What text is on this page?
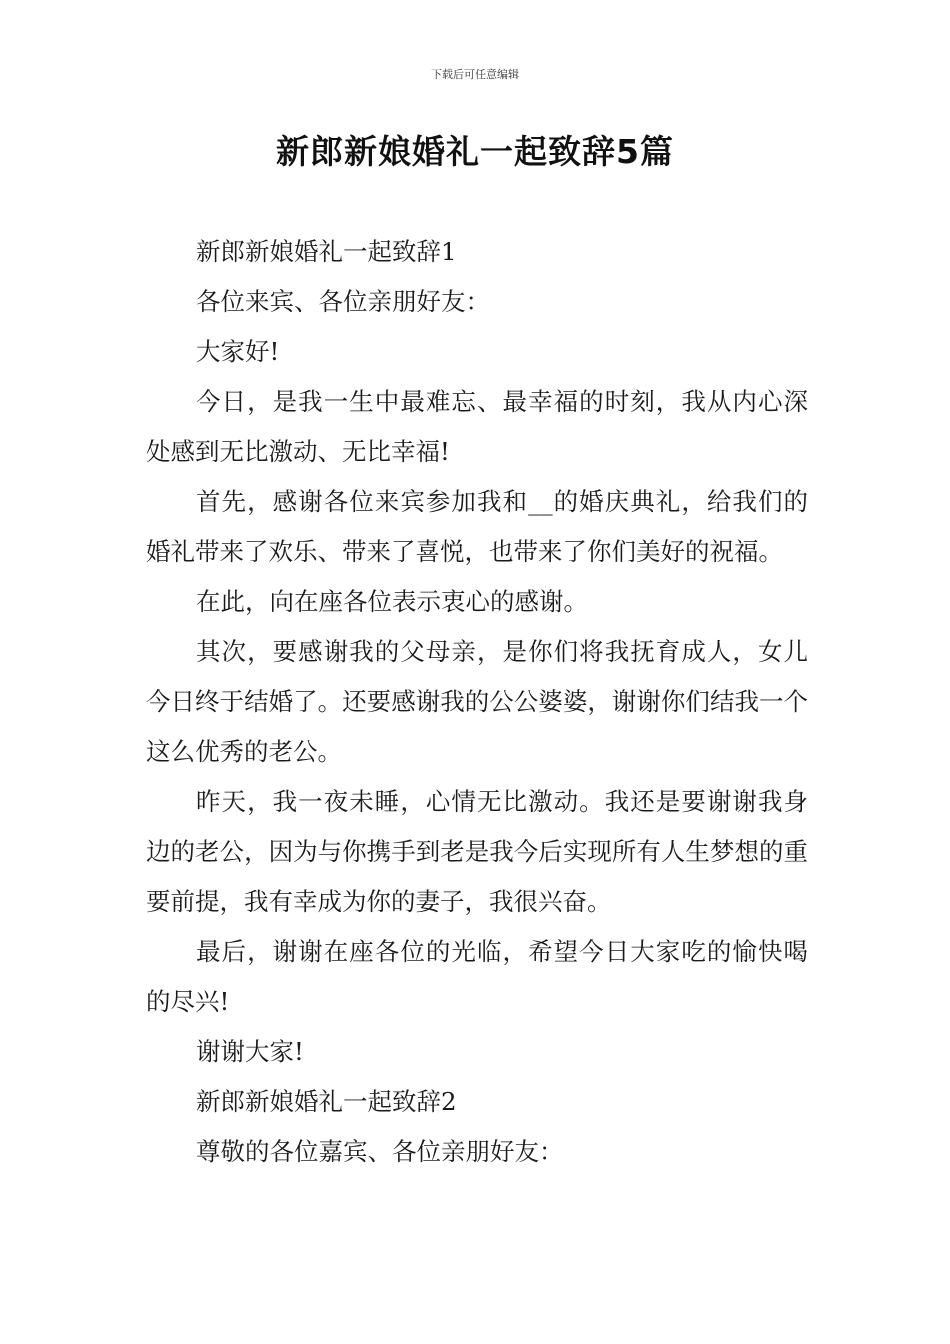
下载后可任意编辑
新郎新娘婚礼一起致辞5篇

新郎新娘婚礼一起致辞1

各位来宾、各位亲朋好友：

大家好!

今日，是我一生中最难忘、最幸福的时刻，我从内心深处感到无比激动、无比幸福!

首先，感谢各位来宾参加我和__的婚庆典礼，给我们的婚礼带来了欢乐、带来了喜悦，也带来了你们美好的祝福。

在此，向在座各位表示衷心的感谢。

其次，要感谢我的父母亲，是你们将我抚育成人，女儿今日终于结婚了。还要感谢我的公公婆婆，谢谢你们结我一个这么优秀的老公。

昨天，我一夜未睡，心情无比激动。我还是要谢谢我身边的老公，因为与你携手到老是我今后实现所有人生梦想的重要前提，我有幸成为你的妻子，我很兴奋。

最后，谢谢在座各位的光临，希望今日大家吃的愉快喝的尽兴!

谢谢大家!

新郎新娘婚礼一起致辞2

尊敬的各位嘉宾、各位亲朋好友：
